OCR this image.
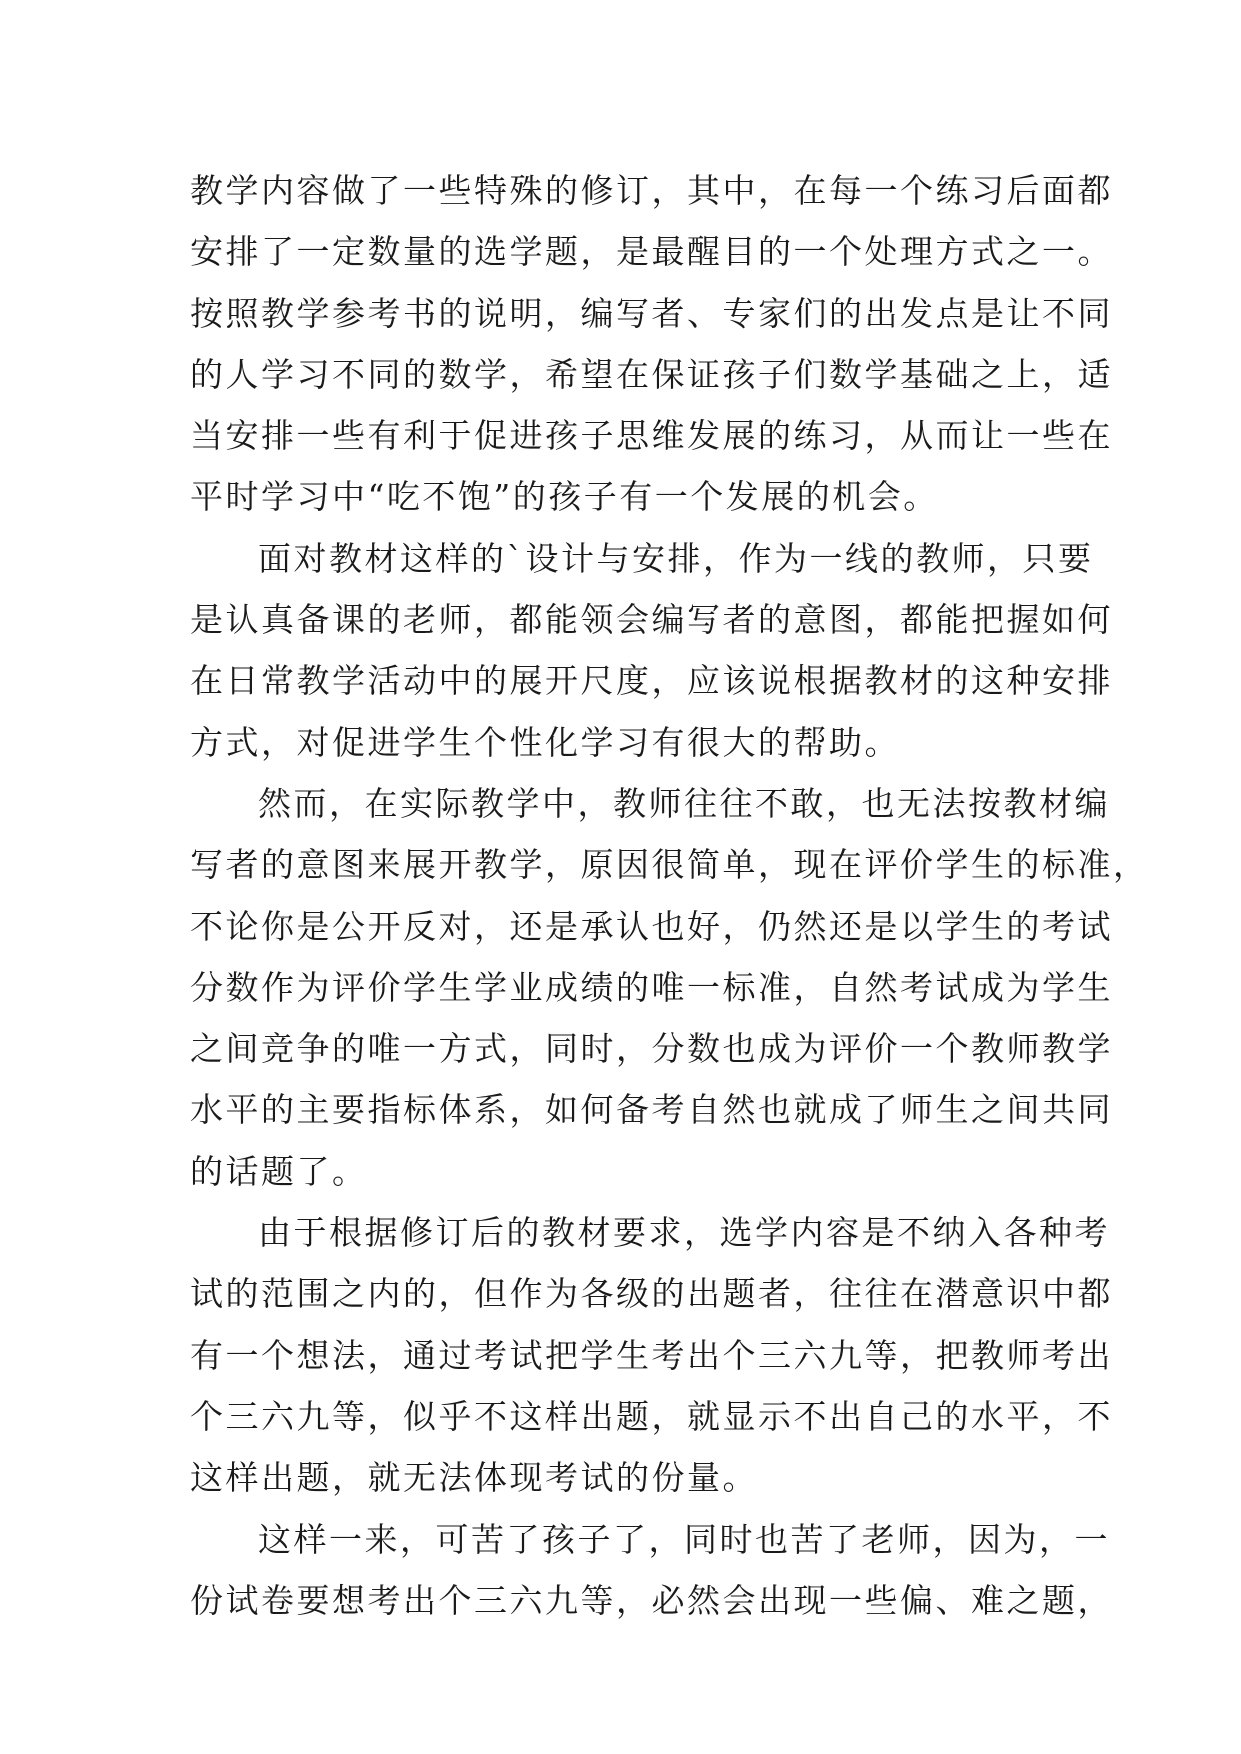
教学内容做了一些特殊的修订，其中，在每一个练习后面都
安排了一定数量的选学题，是最醒目的一个处理方式之一。
按照教学参考书的说明，编写者、专家们的出发点是让不同
的人学习不同的数学，希望在保证孩子们数学基础之上，适
当安排一些有利于促进孩子思维发展的练习，从而让一些在
平时学习中“吃不饱”的孩子有一个发展的机会。
面对教材这样的`设计与安排，作为一线的教师，只要
是认真备课的老师，都能领会编写者的意图，都能把握如何
在日常教学活动中的展开尺度，应该说根据教材的这种安排
方式，对促进学生个性化学习有很大的帮助。
然而，在实际教学中，教师往往不敢，也无法按教材编
写者的意图来展开教学，原因很简单，现在评价学生的标准，
不论你是公开反对，还是承认也好，仍然还是以学生的考试
分数作为评价学生学业成绩的唯一标准，自然考试成为学生
之间竞争的唯一方式，同时，分数也成为评价一个教师教学
水平的主要指标体系，如何备考自然也就成了师生之间共同
的话题了。
由于根据修订后的教材要求，选学内容是不纳入各种考
试的范围之内的，但作为各级的出题者，往往在潜意识中都
有一个想法，通过考试把学生考出个三六九等，把教师考出
个三六九等，似乎不这样出题，就显示不出自己的水平，不
这样出题，就无法体现考试的份量。
这样一来，可苦了孩子了，同时也苦了老师，因为，一
份试卷要想考出个三六九等，必然会出现一些偏、难之题，
